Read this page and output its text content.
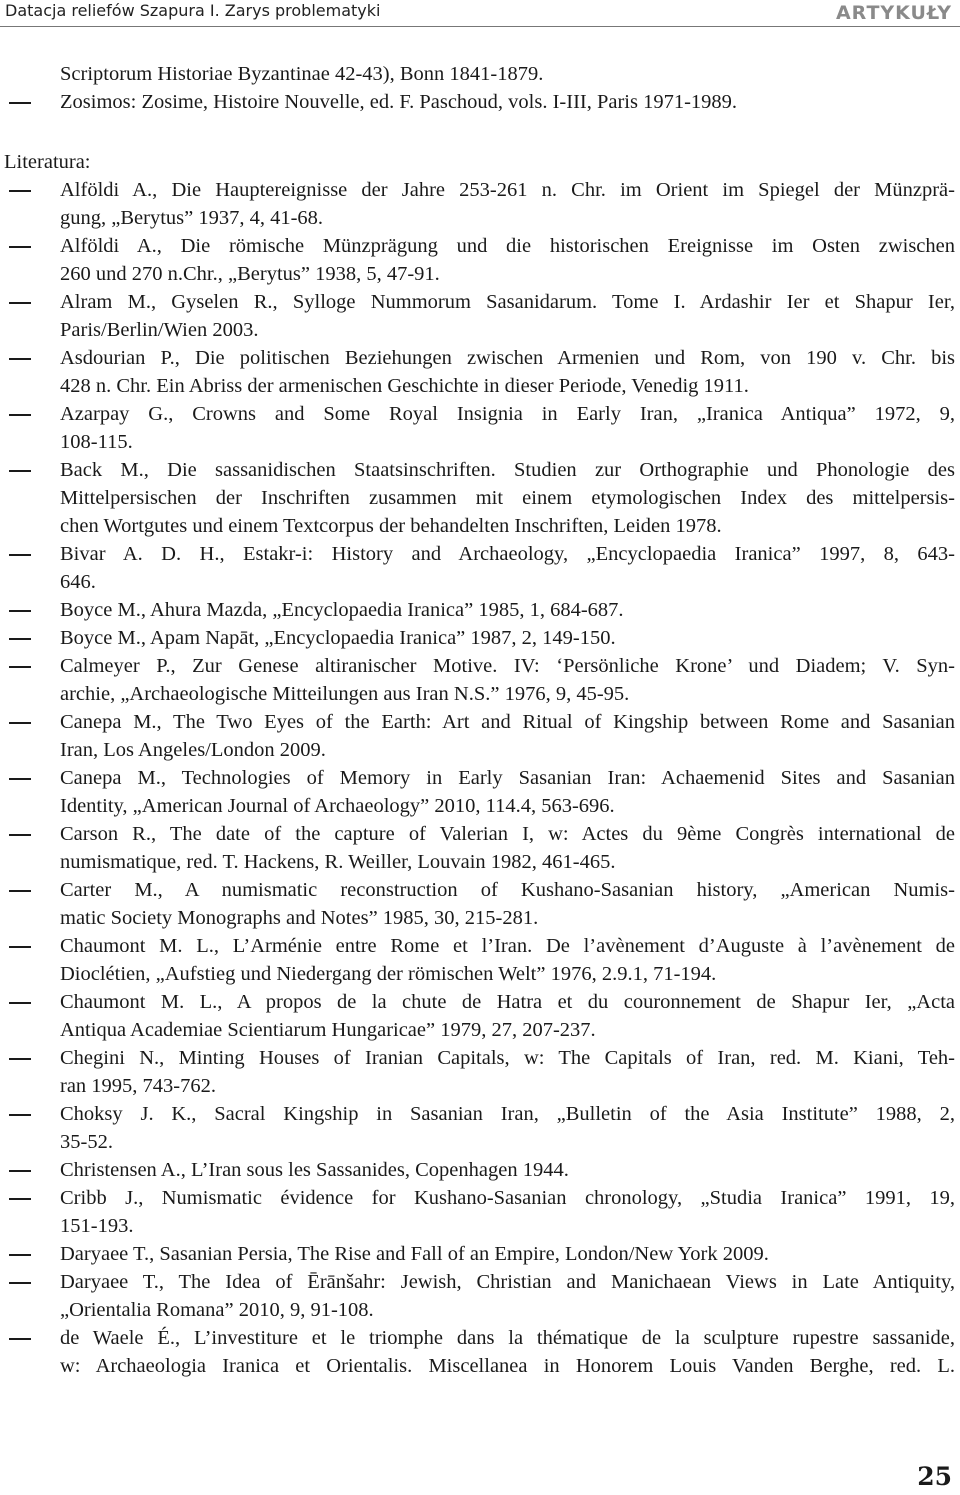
Datacja reliefów Szapura I. Zarys problematyki	ARTYKUŁY
Scriptorum Historiae Byzantinae 42-43), Bonn 1841-1879.
Zosimos: Zosime, Histoire Nouvelle, ed. F. Paschoud, vols. I-III, Paris 1971-1989.
Literatura:
Alföldi A., Die Hauptereignisse der Jahre 253-261 n. Chr. im Orient im Spiegel der Münzprä-
gung, „Berytus” 1937, 4, 41-68.
Alföldi A., Die römische Münzprägung und die historischen Ereignisse im Osten zwischen
260 und 270 n.Chr., „Berytus” 1938, 5, 47-91.
Alram M., Gyselen R., Sylloge Nummorum Sasanidarum. Tome I. Ardashir Ier et Shapur Ier,
Paris/Berlin/Wien 2003.
Asdourian P., Die politischen Beziehungen zwischen Armenien und Rom, von 190 v. Chr. bis
428 n. Chr. Ein Abriss der armenischen Geschichte in dieser Periode, Venedig 1911.
Azarpay G., Crowns and Some Royal Insignia in Early Iran, „Iranica Antiqua” 1972, 9,
108-115.
Back M., Die sassanidischen Staatsinschriften. Studien zur Orthographie und Phonologie des
Mittelpersischen der Inschriften zusammen mit einem etymologischen Index des mittelpersis-
chen Wortgutes und einem Textcorpus der behandelten Inschriften, Leiden 1978.
Bivar A. D. H., Estakr-i: History and Archaeology, „Encyclopaedia Iranica” 1997, 8, 643-
646.
Boyce M., Ahura Mazda, „Encyclopaedia Iranica” 1985, 1, 684-687.
Boyce M., Apam Napāt, „Encyclopaedia Iranica” 1987, 2, 149-150.
Calmeyer P., Zur Genese altiranischer Motive. IV: ‘Persönliche Krone’ und Diadem; V. Syn-
archie, „Archaeologische Mitteilungen aus Iran N.S.” 1976, 9, 45-95.
Canepa M., The Two Eyes of the Earth: Art and Ritual of Kingship between Rome and Sasanian
Iran, Los Angeles/London 2009.
Canepa M., Technologies of Memory in Early Sasanian Iran: Achaemenid Sites and Sasanian
Identity, „American Journal of Archaeology” 2010, 114.4, 563-696.
Carson R., The date of the capture of Valerian I, w: Actes du 9ème Congrès international de
numismatique, red. T. Hackens, R. Weiller, Louvain 1982, 461-465.
Carter M., A numismatic reconstruction of Kushano-Sasanian history, „American Numis-
matic Society Monographs and Notes” 1985, 30, 215-281.
Chaumont M. L., L’Arménie entre Rome et l’Iran. De l’avènement d’Auguste à l’avènement de
Dioclétien, „Aufstieg und Niedergang der römischen Welt” 1976, 2.9.1, 71-194.
Chaumont M. L., A propos de la chute de Hatra et du couronnement de Shapur Ier, „Acta
Antiqua Academiae Scientiarum Hungaricae” 1979, 27, 207-237.
Chegini N., Minting Houses of Iranian Capitals, w: The Capitals of Iran, red. M. Kiani, Teh-
ran 1995, 743-762.
Choksy J. K., Sacral Kingship in Sasanian Iran, „Bulletin of the Asia Institute” 1988, 2,
35-52.
Christensen A., L’Iran sous les Sassanides, Copenhagen 1944.
Cribb J., Numismatic évidence for Kushano-Sasanian chronology, „Studia Iranica” 1991, 19,
151-193.
Daryaee T., Sasanian Persia, The Rise and Fall of an Empire, London/New York 2009.
Daryaee T., The Idea of Ērānšahr: Jewish, Christian and Manichaean Views in Late Antiquity,
„Orientalia Romana” 2010, 9, 91-108.
de Waele É., L’investiture et le triomphe dans la thématique de la sculpture rupestre sassanide,
w: Archaeologia Iranica et Orientalis. Miscellanea in Honorem Louis Vanden Berghe, red. L.
25
